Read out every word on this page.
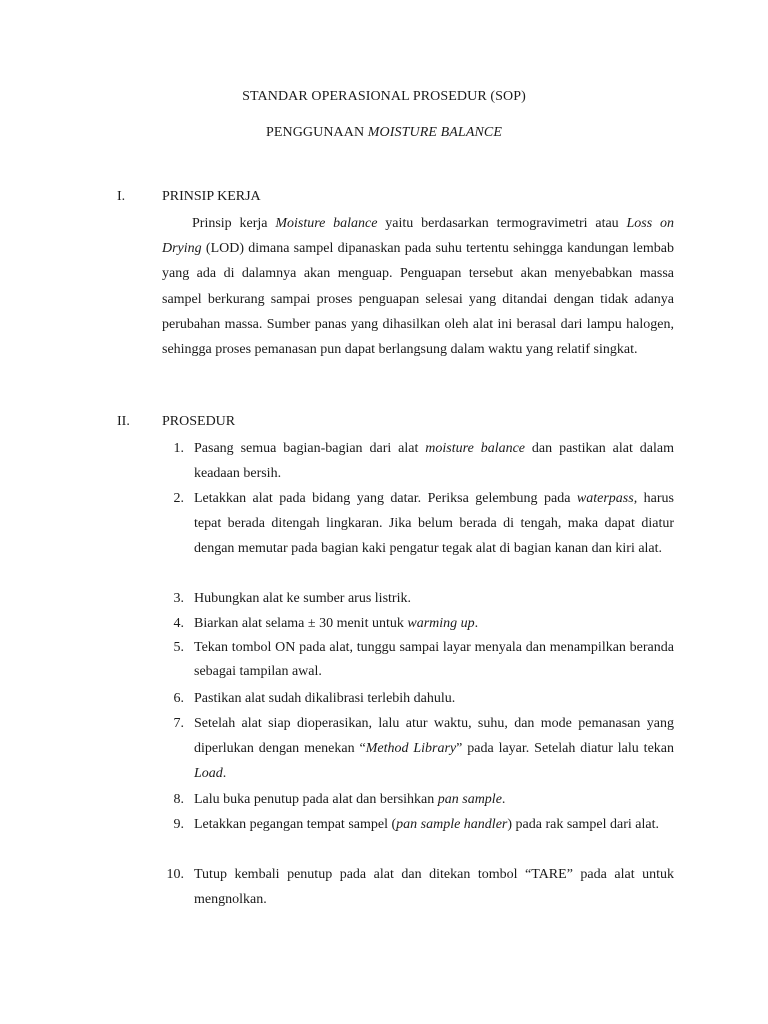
STANDAR OPERASIONAL PROSEDUR (SOP)
PENGGUNAAN MOISTURE BALANCE
I.	PRINSIP KERJA

Prinsip kerja Moisture balance yaitu berdasarkan termogravimetri atau Loss on Drying (LOD) dimana sampel dipanaskan pada suhu tertentu sehingga kandungan lembab yang ada di dalamnya akan menguap. Penguapan tersebut akan menyebabkan massa sampel berkurang sampai proses penguapan selesai yang ditandai dengan tidak adanya perubahan massa. Sumber panas yang dihasilkan oleh alat ini berasal dari lampu halogen, sehingga proses pemanasan pun dapat berlangsung dalam waktu yang relatif singkat.

II. PROSEDUR
1. Pasang semua bagian-bagian dari alat moisture balance dan pastikan alat dalam keadaan bersih.
2. Letakkan alat pada bidang yang datar. Periksa gelembung pada waterpass, harus tepat berada ditengah lingkaran. Jika belum berada di tengah, maka dapat diatur dengan memutar pada bagian kaki pengatur tegak alat di bagian kanan dan kiri alat.
3. Hubungkan alat ke sumber arus listrik.
4. Biarkan alat selama ± 30 menit untuk warming up.
5. Tekan tombol ON pada alat, tunggu sampai layar menyala dan menampilkan beranda sebagai tampilan awal.
6. Pastikan alat sudah dikalibrasi terlebih dahulu.
7. Setelah alat siap dioperasikan, lalu atur waktu, suhu, dan mode pemanasan yang diperlukan dengan menekan “Method Library” pada layar. Setelah diatur lalu tekan Load.
8. Lalu buka penutup pada alat dan bersihkan pan sample.
9. Letakkan pegangan tempat sampel (pan sample handler) pada rak sampel dari alat.
10. Tutup kembali penutup pada alat dan ditekan tombol “TARE” pada alat untuk mengnolkan.
